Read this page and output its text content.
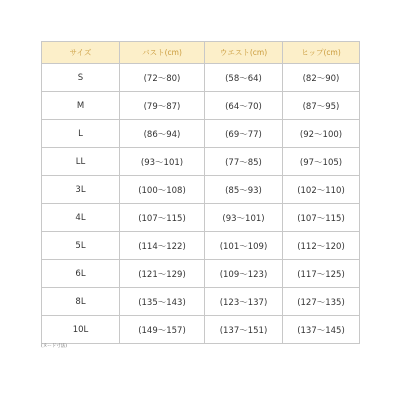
サイズ	バスト(cm)	ウエスト(cm)	ヒップ(cm)
S	(72～80)	(58～64)	(82～90)
M	(79～87)	(64～70)	(87～95)
L	(86～94)	(69～77)	(92～100)
LL	(93～101)	(77～85)	(97～105)
3L	(100～108)	(85～93)	(102～110)
4L	(107～115)	(93～101)	(107～115)
5L	(114～122)	(101～109)	(112～120)
6L	(121～129)	(109～123)	(117～125)
8L	(135～143)	(123～137)	(127～135)
10L	(149～157)	(137～151)	(137～145)
(ヌード寸法)
